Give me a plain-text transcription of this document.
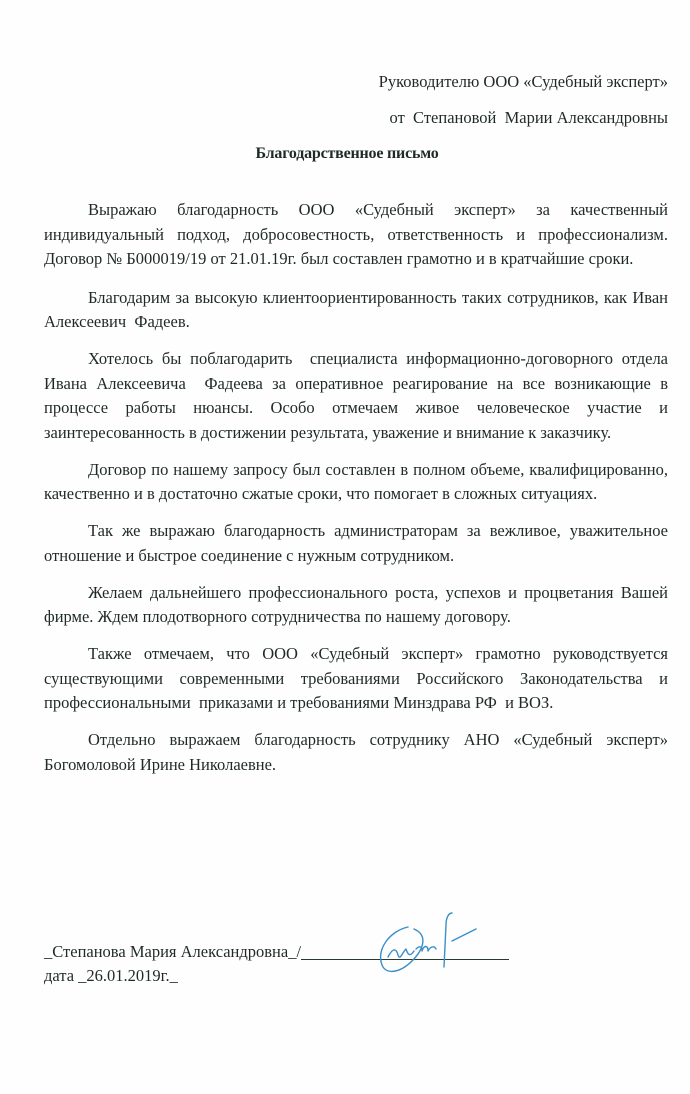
Руководителю ООО «Судебный эксперт»
от  Степановой  Марии Александровны
Благодарственное письмо

Выражаю благодарность ООО «Судебный эксперт» за качественный индивидуальный подход, добросовестность, ответственность и профессионализм. Договор № Б000019/19 от 21.01.19г. был составлен грамотно и в кратчайшие сроки.

Благодарим за высокую клиентоориентированность таких сотрудников, как Иван Алексеевич  Фадеев.

Хотелось бы поблагодарить  специалиста информационно-договорного отдела Ивана Алексеевича  Фадеева за оперативное реагирование на все возникающие в процессе работы нюансы. Особо отмечаем живое человеческое участие и заинтересованность в достижении результата, уважение и внимание к заказчику.

Договор по нашему запросу был составлен в полном объеме, квалифицированно, качественно и в достаточно сжатые сроки, что помогает в сложных ситуациях.

Так же выражаю благодарность администраторам за вежливое, уважительное отношение и быстрое соединение с нужным сотрудником.

Желаем дальнейшего профессионального роста, успехов и процветания Вашей фирме. Ждем плодотворного сотрудничества по нашему договору.

Также отмечаем, что ООО «Судебный эксперт» грамотно руководствуется существующими современными требованиями Российского Законодательства и профессиональными  приказами и требованиями Минздрава РФ  и ВОЗ.

Отдельно выражаем благодарность сотруднику АНО «Судебный эксперт» Богомоловой Ирине Николаевне.

_Степанова Мария Александровна_/
дата _26.01.2019г._
